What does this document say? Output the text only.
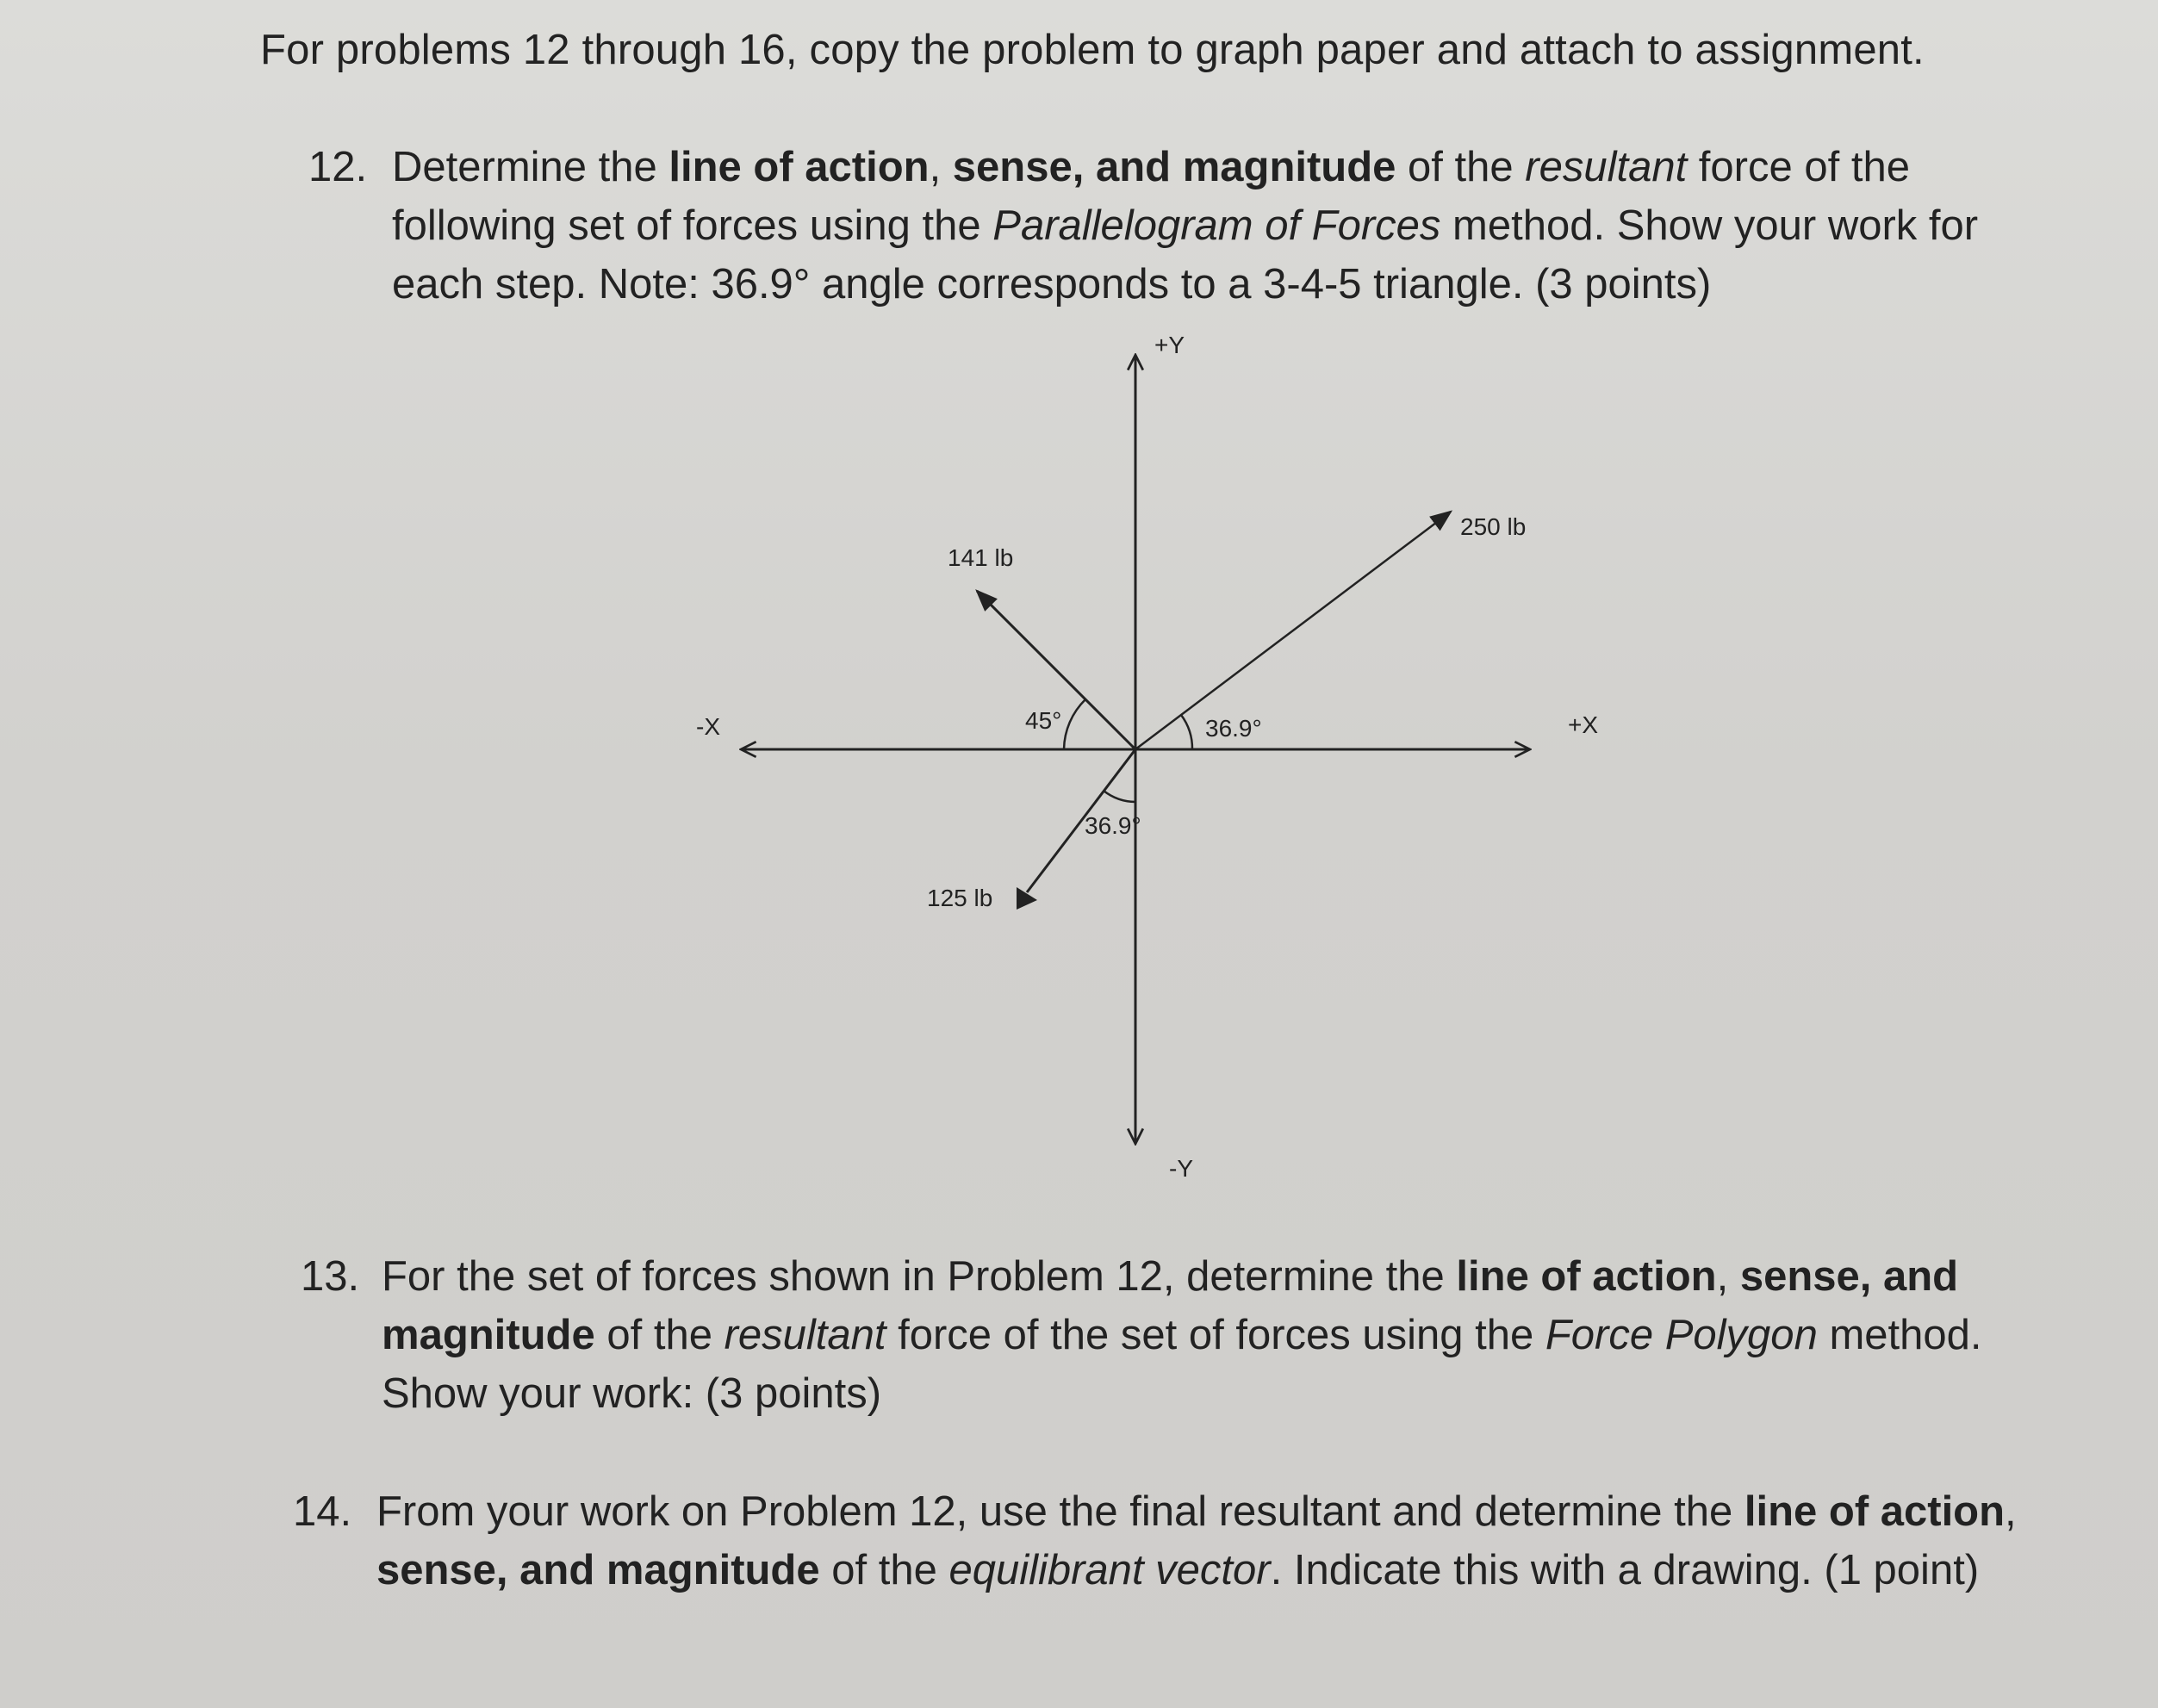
For problems 12 through 16, copy the problem to graph paper and attach to assignment.
12. Determine the line of action, sense, and magnitude of the resultant force of the following set of forces using the Parallelogram of Forces method. Show your work for each step. Note: 36.9° angle corresponds to a 3-4-5 triangle. (3 points)
+Y
-Y
+X
-X
250 lb
141 lb
125 lb
36.9°
45°
36.9°
13. For the set of forces shown in Problem 12, determine the line of action, sense, and magnitude of the resultant force of the set of forces using the Force Polygon method. Show your work: (3 points)
14. From your work on Problem 12, use the final resultant and determine the line of action, sense, and magnitude of the equilibrant vector. Indicate this with a drawing. (1 point)
